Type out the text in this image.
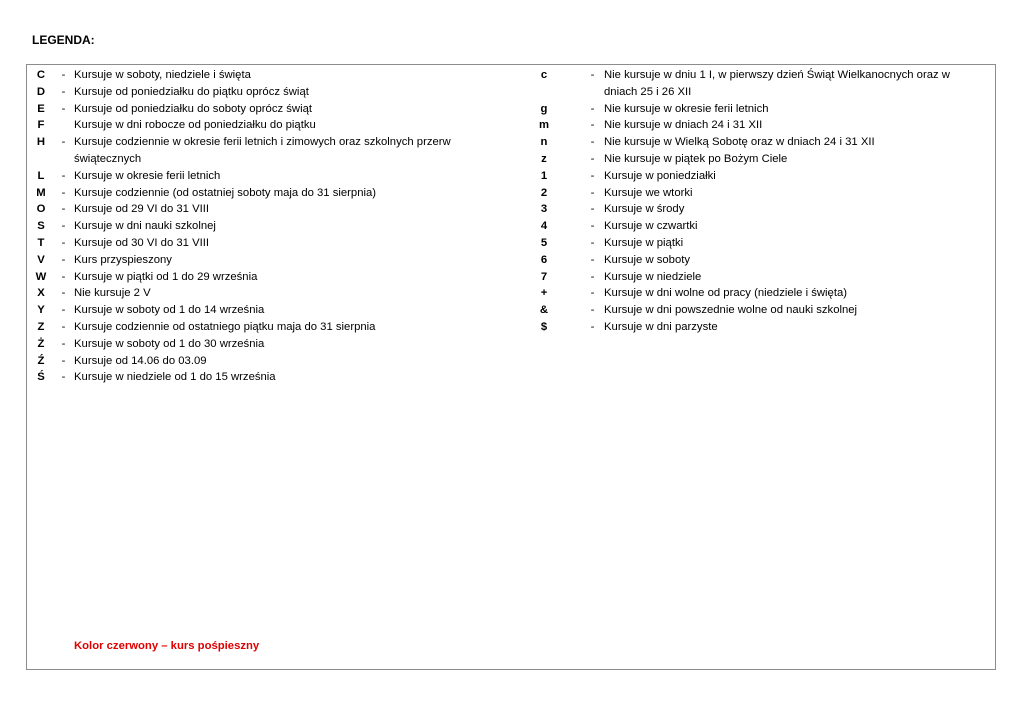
LEGENDA:
C	- Kursuje w soboty, niedziele i święta
D	- Kursuje od poniedziałku do piątku oprócz świąt
E	- Kursuje od poniedziałku do soboty oprócz świąt
F	Kursuje w dni robocze od poniedziałku do piątku
H	- Kursuje codziennie w okresie ferii letnich i zimowych oraz szkolnych przerw świątecznych
L	- Kursuje w okresie ferii letnich
M	- Kursuje codziennie (od ostatniej soboty maja do 31 sierpnia)
O	- Kursuje od 29 VI do 31 VIII
S	- Kursuje w dni nauki szkolnej
T	- Kursuje od 30 VI do 31 VIII
V	- Kurs przyspieszony
W	- Kursuje w piątki od 1 do 29 września
X	- Nie kursuje 2 V
Y	- Kursuje w soboty od 1 do 14 września
Z	- Kursuje codziennie od ostatniego piątku maja do 31 sierpnia
Ż	- Kursuje w soboty od 1 do 30 września
Ź	- Kursuje od 14.06 do 03.09
Ś	- Kursuje w niedziele od 1 do 15 września
c	- Nie kursuje w dniu 1 I, w pierwszy dzień Świąt Wielkanocnych oraz w dniach 25 i 26 XII
g	- Nie kursuje w okresie ferii letnich
m	- Nie kursuje w dniach 24 i 31 XII
n	- Nie kursuje w Wielką Sobotę oraz w dniach 24 i 31 XII
z	- Nie kursuje w piątek po Bożym Ciele
1	- Kursuje w poniedziałki
2	- Kursuje we wtorki
3	- Kursuje w środy
4	- Kursuje w czwartki
5	- Kursuje w piątki
6	- Kursuje w soboty
7	- Kursuje w niedziele
+	- Kursuje w dni wolne od pracy (niedziele i święta)
&	- Kursuje w dni powszednie wolne od nauki szkolnej
$	- Kursuje w dni parzyste

Kolor czerwony – kurs pośpieszny
